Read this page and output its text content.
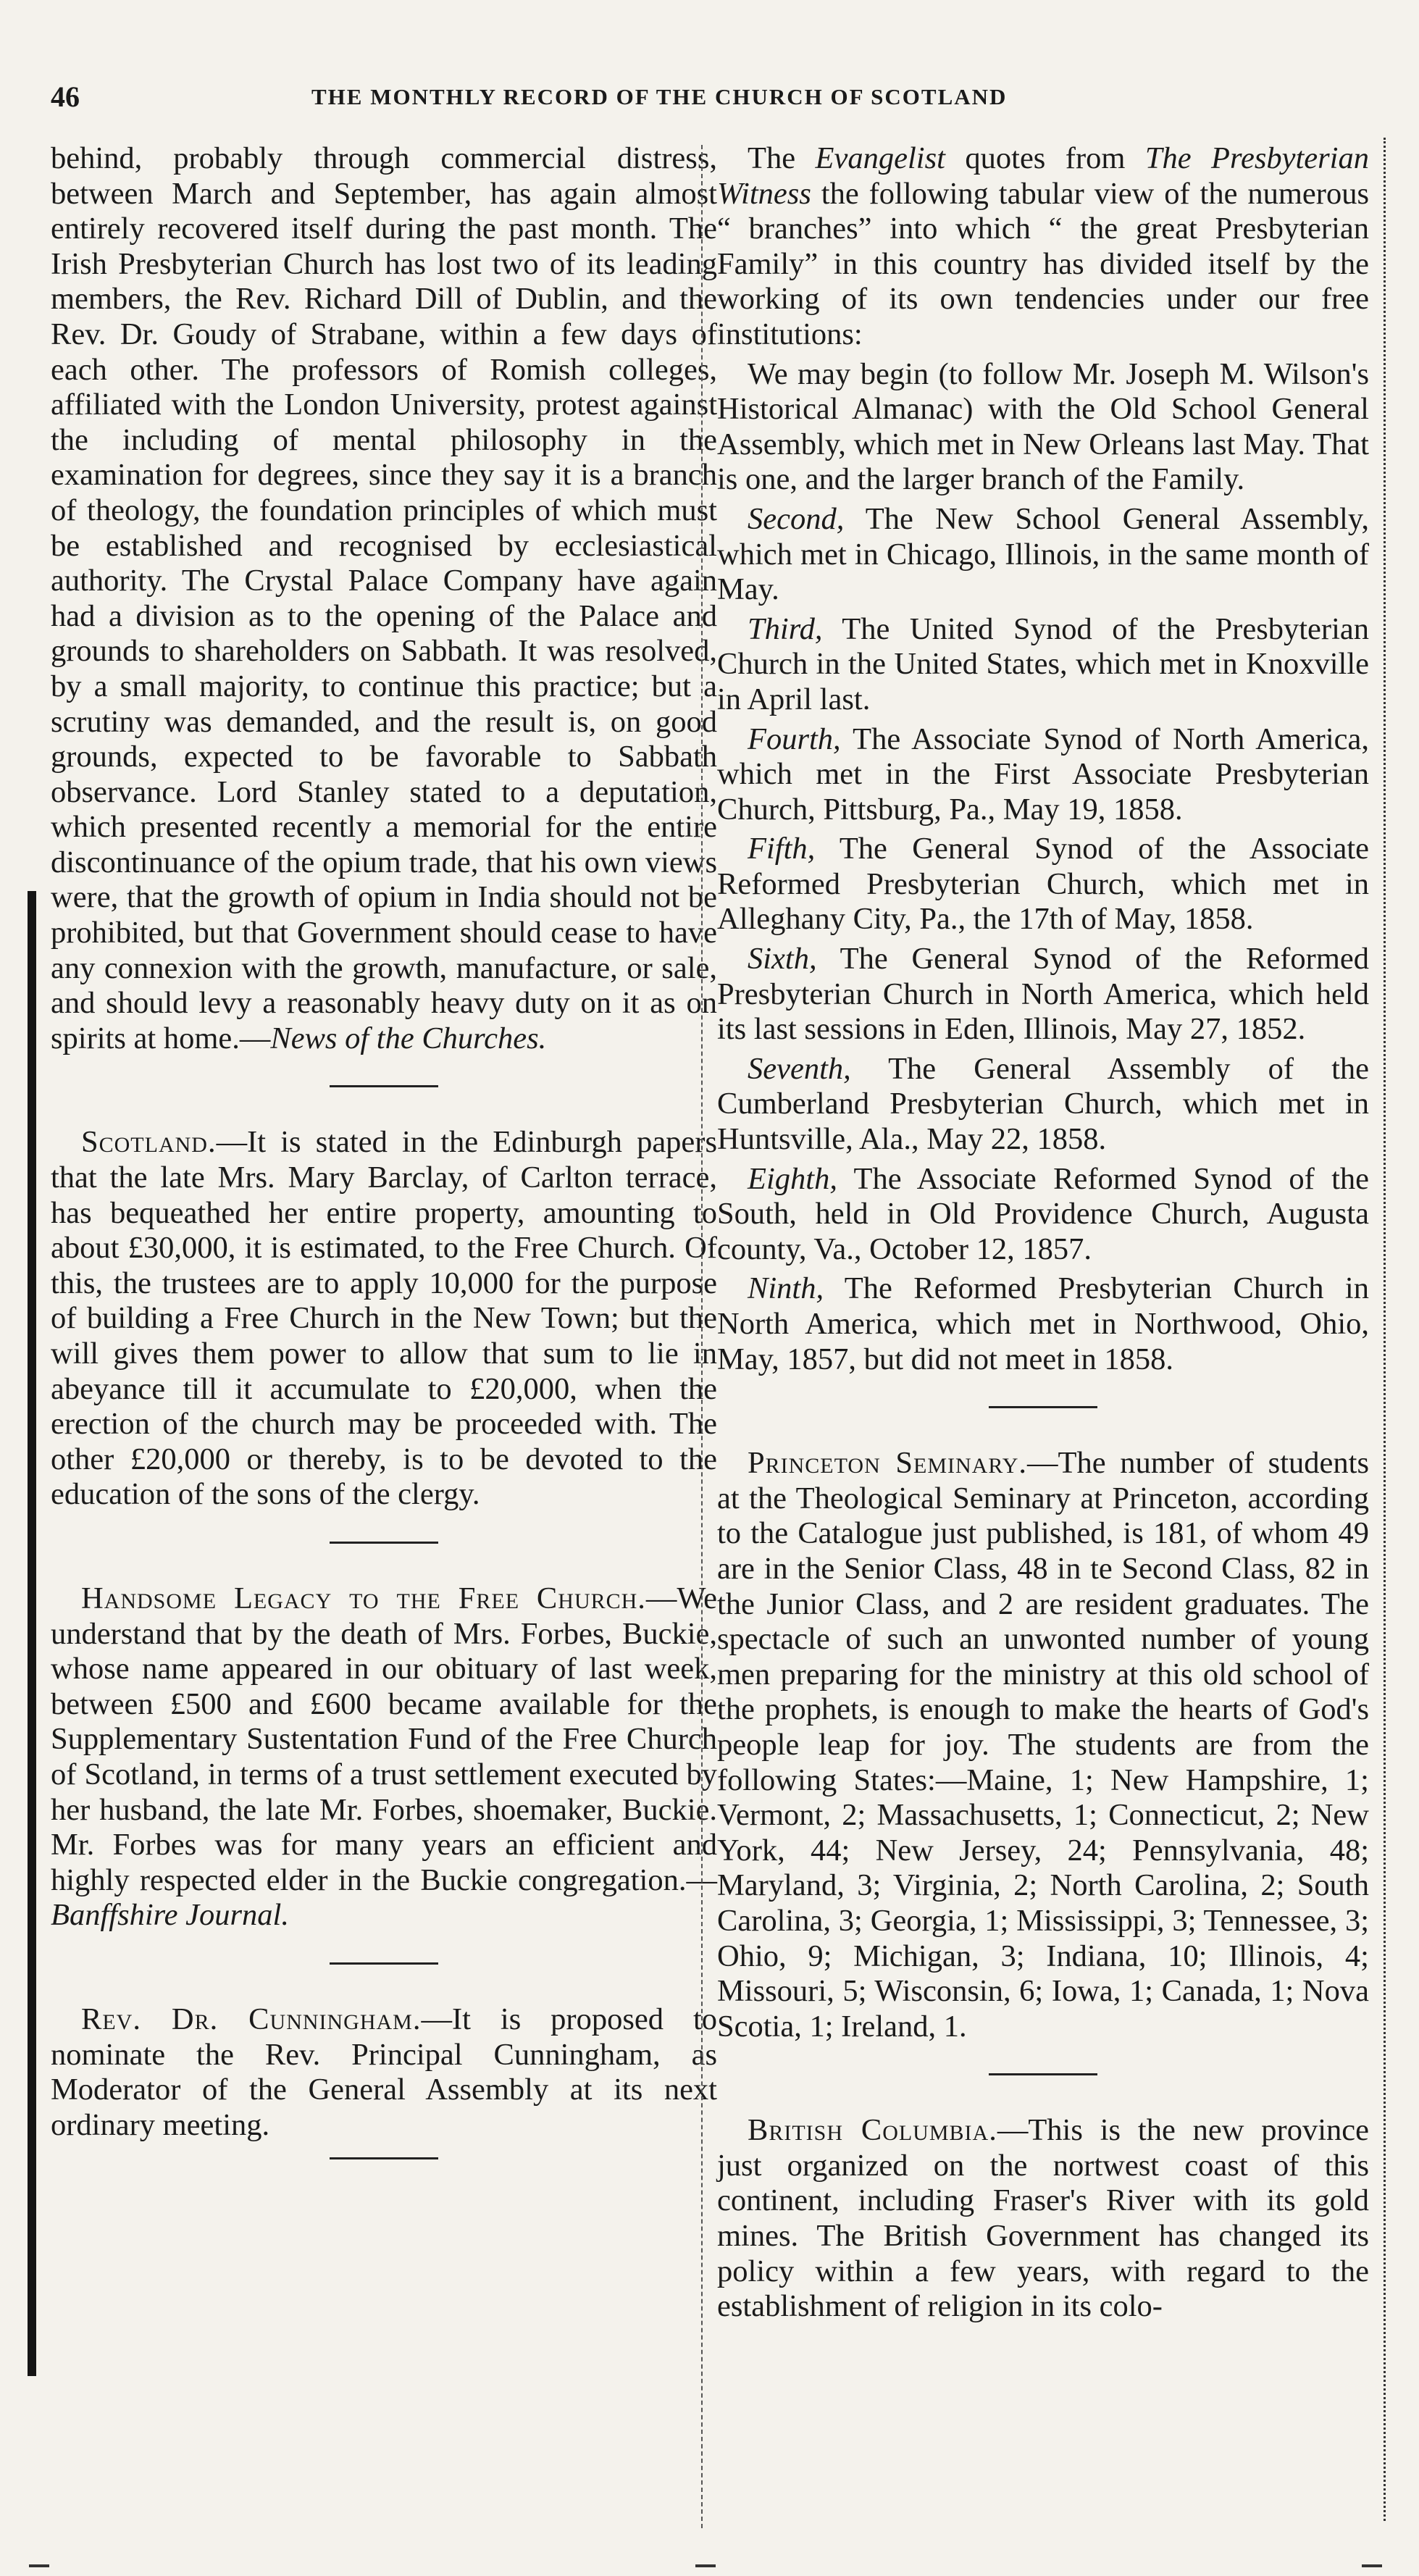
46	THE MONTHLY RECORD OF THE CHURCH OF SCOTLAND

behind, probably through commercial distress, between March and September, has again almost entirely recovered itself during the past month. The Irish Presbyterian Church has lost two of its leading members, the Rev. Richard Dill of Dublin, and the Rev. Dr. Goudy of Strabane, within a few days of each other. The professors of Romish colleges, affiliated with the London University, protest against the including of mental philosophy in the examination for degrees, since they say it is a branch of theology, the foundation principles of which must be established and recognised by ecclesiastical authority. The Crystal Palace Company have again had a division as to the opening of the Palace and grounds to shareholders on Sabbath. It was resolved, by a small majority, to continue this practice; but a scrutiny was demanded, and the result is, on good grounds, expected to be favorable to Sabbath observance. Lord Stanley stated to a deputation, which presented recently a memorial for the entire discontinuance of the opium trade, that his own views were, that the growth of opium in India should not be prohibited, but that Government should cease to have any connexion with the growth, manufacture, or sale, and should levy a reasonably heavy duty on it as on spirits at home.—News of the Churches.

Scotland.—It is stated in the Edinburgh papers that the late Mrs. Mary Barclay, of Carlton terrace, has bequeathed her entire property, amounting to about £30,000, it is estimated, to the Free Church. Of this, the trustees are to apply 10,000 for the purpose of building a Free Church in the New Town; but the will gives them power to allow that sum to lie in abeyance till it accumulate to £20,000, when the erection of the church may be proceeded with. The other £20,000 or thereby, is to be devoted to the education of the sons of the clergy.

Handsome Legacy to the Free Church.—We understand that by the death of Mrs. Forbes, Buckie, whose name appeared in our obituary of last week, between £500 and £600 became available for the Supplementary Sustentation Fund of the Free Church of Scotland, in terms of a trust settlement executed by her husband, the late Mr. Forbes, shoemaker, Buckie. Mr. Forbes was for many years an efficient and highly respected elder in the Buckie congregation.—Banffshire Journal.

Rev. Dr. Cunningham.—It is proposed to nominate the Rev. Principal Cunningham, as Moderator of the General Assembly at its next ordinary meeting.

The Evangelist quotes from The Presbyterian Witness the following tabular view of the numerous “ branches” into which “ the great Presbyterian Family” in this country has divided itself by the working of its own tendencies under our free institutions:

We may begin (to follow Mr. Joseph M. Wilson's Historical Almanac) with the Old School General Assembly, which met in New Orleans last May. That is one, and the larger branch of the Family.

Second, The New School General Assembly, which met in Chicago, Illinois, in the same month of May.

Third, The United Synod of the Presbyterian Church in the United States, which met in Knoxville in April last.

Fourth, The Associate Synod of North America, which met in the First Associate Presbyterian Church, Pittsburg, Pa., May 19, 1858.

Fifth, The General Synod of the Associate Reformed Presbyterian Church, which met in Alleghany City, Pa., the 17th of May, 1858.

Sixth, The General Synod of the Reformed Presbyterian Church in North America, which held its last sessions in Eden, Illinois, May 27, 1852.

Seventh, The General Assembly of the Cumberland Presbyterian Church, which met in Huntsville, Ala., May 22, 1858.

Eighth, The Associate Reformed Synod of the South, held in Old Providence Church, Augusta county, Va., October 12, 1857.

Ninth, The Reformed Presbyterian Church in North America, which met in Northwood, Ohio, May, 1857, but did not meet in 1858.

Princeton Seminary.—The number of students at the Theological Seminary at Princeton, according to the Catalogue just published, is 181, of whom 49 are in the Senior Class, 48 in te Second Class, 82 in the Junior Class, and 2 are resident graduates. The spectacle of such an unwonted number of young men preparing for the ministry at this old school of the prophets, is enough to make the hearts of God's people leap for joy. The students are from the following States:—Maine, 1; New Hampshire, 1; Vermont, 2; Massachusetts, 1; Connecticut, 2; New York, 44; New Jersey, 24; Pennsylvania, 48; Maryland, 3; Virginia, 2; North Carolina, 2; South Carolina, 3; Georgia, 1; Mississippi, 3; Tennessee, 3; Ohio, 9; Michigan, 3; Indiana, 10; Illinois, 4; Missouri, 5; Wisconsin, 6; Iowa, 1; Canada, 1; Nova Scotia, 1; Ireland, 1.

British Columbia.—This is the new province just organized on the nortwest coast of this continent, including Fraser's River with its gold mines. The British Government has changed its policy within a few years, with regard to the establishment of religion in its colo-
